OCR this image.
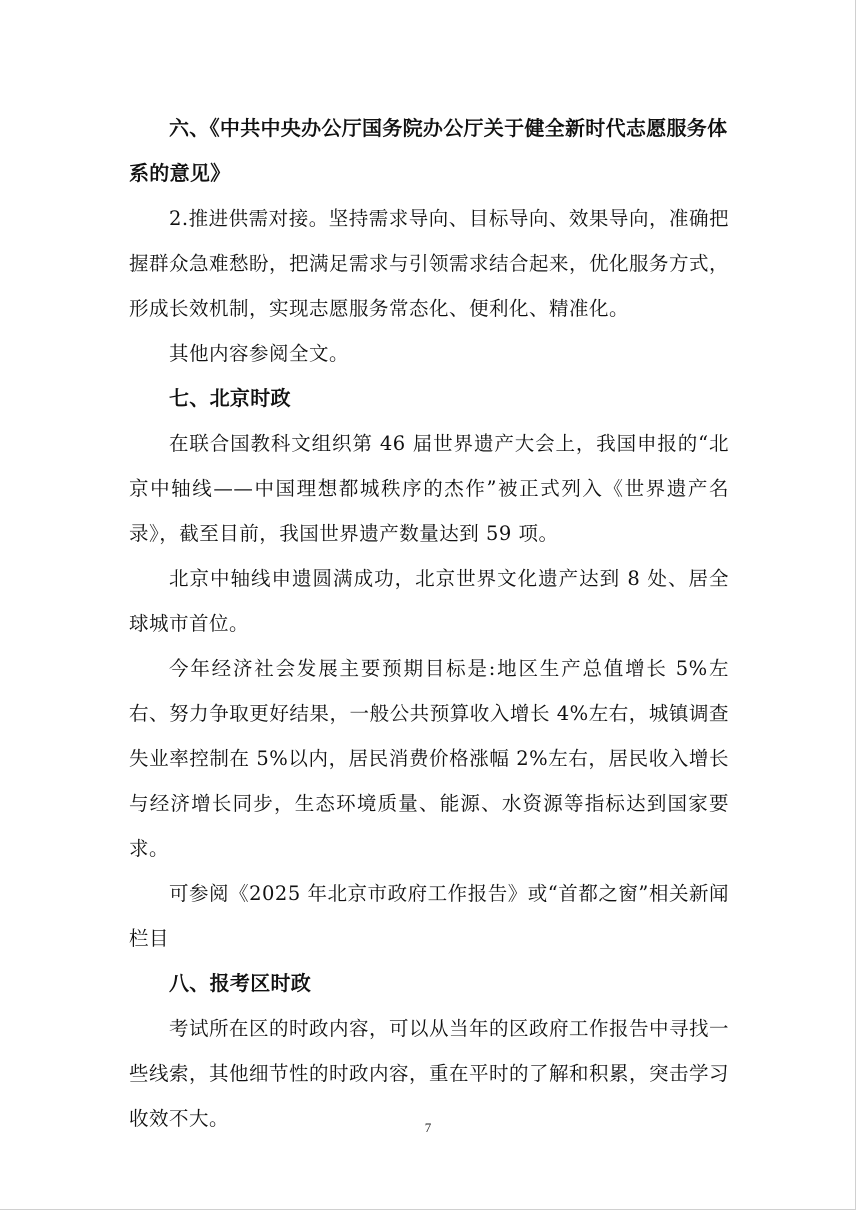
六、《中共中央办公厅国务院办公厅关于健全新时代志愿服务体系的意见》

2.推进供需对接。坚持需求导向、目标导向、效果导向，准确把握群众急难愁盼，把满足需求与引领需求结合起来，优化服务方式，形成长效机制，实现志愿服务常态化、便利化、精准化。

其他内容参阅全文。

七、北京时政

在联合国教科文组织第 46 届世界遗产大会上，我国申报的“北京中轴线——中国理想都城秩序的杰作”被正式列入《世界遗产名录》，截至目前，我国世界遗产数量达到 59 项。

北京中轴线申遗圆满成功，北京世界文化遗产达到 8 处、居全球城市首位。

今年经济社会发展主要预期目标是:地区生产总值增长 5%左右、努力争取更好结果，一般公共预算收入增长 4%左右，城镇调查失业率控制在 5%以内，居民消费价格涨幅 2%左右，居民收入增长与经济增长同步，生态环境质量、能源、水资源等指标达到国家要求。

可参阅《2025 年北京市政府工作报告》或“首都之窗”相关新闻栏目

八、报考区时政

考试所在区的时政内容，可以从当年的区政府工作报告中寻找一些线索，其他细节性的时政内容，重在平时的了解和积累，突击学习收效不大。	7
